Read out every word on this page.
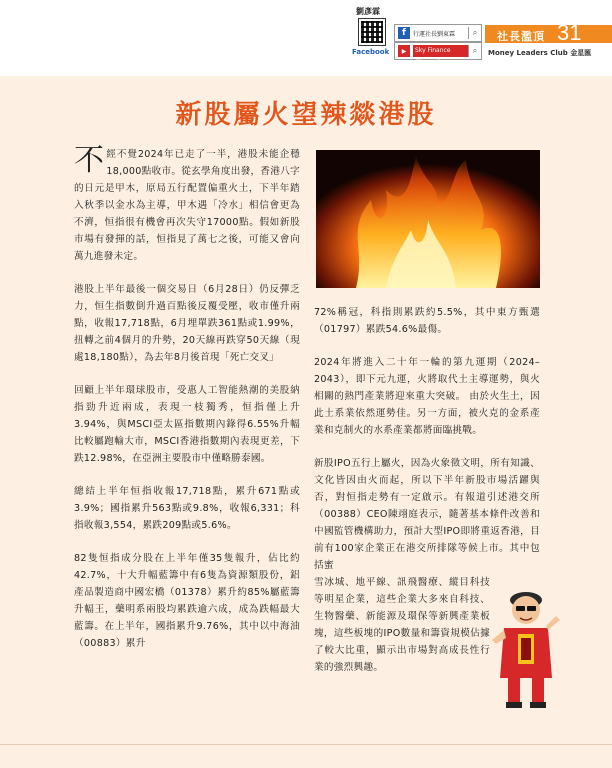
劉彥霖
Facebook
f	行運社長劉東霖	⌕
▶	Sky Finance Channel
⌕
社長濫頂 31
Money Leaders Club 金星匯
新股屬火望辣燚港股

不經不覺2024年已走了一半，港股未能企穩18,000點收市。從玄學角度出發，香港八字的日元是甲木，原局五行配置偏重火土，下半年踏入秋季以金水為主導，甲木遇「冷水」相信會更為不濟，恒指很有機會再次失守17000點。假如新股市場有發揮的話，恒指見了萬七之後，可能又會向萬九進發未定。

港股上半年最後一個交易日（6月28日）仍反彈乏力，恒生指數倒升過百點後反覆受壓，收市僅升兩點，收報17,718點，6月埋單跌361點或1.99%，扭轉之前4個月的升勢，20天線再跌穿50天線（現處18,180點），為去年8月後首現「死亡交叉」

回顧上半年環球股市，受惠人工智能熱潮的美股納指勁升近兩成，表現一枝獨秀，恒指僅上升3.94%，與MSCI亞太區指數期內錄得6.55%升幅比較屬跑輸大市，MSCI香港指數期內表現更差，下跌12.98%，在亞洲主要股市中僅略勝泰國。

總結上半年恒指收報17,718點，累升671點或3.9%；國指累升563點或9.8%，收報6,331；科指收報3,554，累跌209點或5.6%。

82隻恒指成分股在上半年僅35隻報升，佔比約42.7%，十大升幅藍籌中有6隻為資源類股份，鋁產品製造商中國宏橋（01378）累升約85%屬藍籌升幅王，藥明系兩股均累跌逾六成，成為跌幅最大藍籌。在上半年，國指累升9.76%，其中以中海油（00883）累升

72%稱冠，科指則累跌約5.5%，其中東方甄選（01797）累跌54.6%最傷。

2024年將進入二十年一輪的第九運期（2024–2043），即下元九運，火將取代土主導運勢，與火相關的熱門產業將迎來重大突破。 由於火生土，因此土系業依然運勢佳。另一方面，被火克的金系產業和克制火的水系產業都將面臨挑戰。

新股IPO五行上屬火，因為火象徵文明，所有知識、文化皆因由火而起，所以下半年新股市場活躍與否，對恒指走勢有一定啟示。有報道引述港交所（00388）CEO陳翊庭表示，隨著基本條件改善和中國監管機構助力，預計大型IPO即將重返香港，目前有100家企業正在港交所排隊等候上市。其中包括蜜

雪冰城、地平線、訊飛醫療、縱目科技等明星企業，這些企業大多來自科技、生物醫藥、新能源及環保等新興產業板塊，這些板塊的IPO數量和籌資規模佔據了較大比重，顯示出市場對高成長性行業的強烈興趣。
